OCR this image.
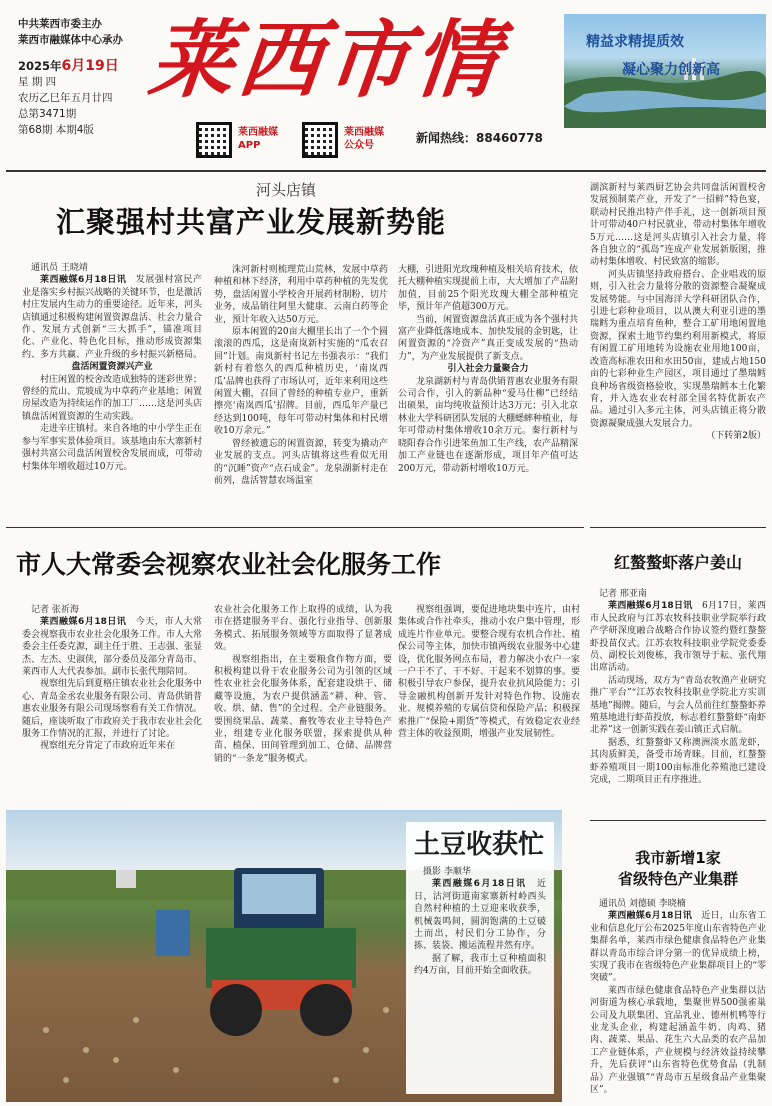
中共莱西市委主办
莱西市融媒体中心承办
2025年6月19日
星 期 四
农历乙巳年五月廿四
总第3471期
第68期 本期4版
莱西市情	精益求精提质效
凝心聚力创新高
莱西融媒
APP
莱西融媒
公众号
新闻热线：88460778
河头店镇
汇聚强村共富产业发展新势能

通讯员 王晓靖

莱西融媒6月18日讯　 发展强村富民产业是落实乡村振兴战略的关键环节，也是激活村庄发展内生动力的重要途径。近年来，河头店镇通过积极构建闲置资源盘活、社会力量合作、发展方式创新“三大抓手”，锚准项目化、产业化、特色化目标，推动形成资源集约、多方共赢、产业升级的乡村振兴新格局。

盘活闲置资源兴产业

村庄闲置的校舍改造成独特的迷彩世界；曾经的荒山、荒坡成为中草药产业基地；闲置房屋改造为持续运作的加工厂……这是河头店镇盘活闲置资源的生动实践。

走进辛庄镇村。来自各地的中小学生正在参与军事实景体验项目。该基地由东大寨新村强村共富公司盘活闲置校舍发展而成，可带动村集体年增收超过10万元。

洙河新村则梳理荒山荒林，发展中草药种植和林下经济，利用中草药种植的先发优势，盘活闲置小学校舍开展药材制粉、切片业务，成品销往阿里大健康、云南白药等企业，预计年收入达50万元。

原本闲置的20亩大棚里长出了一个个圆滚滚的西瓜，这是南岚新村实施的“瓜农召回”计划。南岚新村书记左书强表示：“我们新村有着悠久的西瓜种植历史，‘南岚西瓜’品牌也获得了市场认可，近年来利用这些闲置大棚，召回了曾经的种植专业户，重新擦亮‘南岚西瓜’招牌。目前，西瓜年产量已经达到100吨，每年可带动村集体和村民增收10万余元。”

曾经被遗忘的闲置资源，转变为撬动产业发展的支点。河头店镇将这些看似无用的“沉睡”资产“点石成金”。龙泉湖新村走在前列，盘活智慧农场温室

大棚，引进阳光玫瑰种植及相关培育技术，依托大棚种植实现提前上市，大大增加了产品附加值，目前25个阳光玫瑰大棚全部种植完毕，预计年产值超300万元。

当前，闲置资源盘活真正成为各个强村共富产业降低落地成本、加快发展的金钥匙，让闲置资源的“冷资产”真正变成发展的“热动力”，为产业发展提供了新支点。

引入社会力量聚合力

龙泉湖新村与青岛供销普惠农业服务有限公司合作，引入的新品种“爱马仕柳”已经结出硕果，亩均纯收益预计达3万元；引入北京林业大学科研团队发展的大棚蟋蟀种植业，每年可带动村集体增收10余万元。秦行新村与晓阳春合作引进笨鱼加工生产线，农产品精深加工产业链也在逐渐形成，项目年产值可达200万元，带动新村增收10万元。

湖滨新村与莱西厨艺协会共同盘活闲置校舍发展预制菜产业，开发了“一招鲜”特色宴，联动村民推出特产伴手礼，这一创新项目预计可带动40户村民就业，带动村集体年增收5万元……这是河头店镇引入社会力量，将各自独立的“孤岛”连成产业发展新版图，推动村集体增收、村民致富的缩影。

河头店镇坚持政府搭台、企业唱戏的原则，引入社会力量将分散的资源整合凝聚成发展势能。与中国海洋大学科研团队合作，引进七彩种业项目，以从澳大利亚引进的墨瑞鳕为重点培育鱼种，整合工矿用地闲置地资源，探索土地节约集约利用新模式，将原有闲置工矿用地转为设施农业用地100亩，改造高标准农田和水田50亩，建成占地150亩的七彩种业生产园区，项目通过了墨瑞鳕良种场省级资格验收，实现墨瑞鳕本土化繁育，并入选农业农村部全国名特优新农产品。通过引入多元主体，河头店镇正将分散资源凝聚成强大发展合力。

（下转第2版）

市人大常委会视察农业社会化服务工作

记者 张祈海

莱西融媒6月18日讯　 今天，市人大常委会视察我市农业社会化服务工作。市人大常委会主任委克源，副主任于胜、王志强、张显杰、左杰、史淑侠，部分委员及部分青岛市、莱西市人大代表参加。副市长张代翔陪同。

视察组先后到夏格庄镇农业社会化服务中心、青岛金丞农业服务有限公司、青岛供销普惠农业服务有限公司现场察看有关工作情况。随后，座谈听取了市政府关于我市农业社会化服务工作情况的汇报，并进行了讨论。

视察组充分肯定了市政府近年来在

农业社会化服务工作上取得的成绩，认为我市在搭建服务平台、强化行业指导、创新服务模式、拓展服务领域等方面取得了显著成效。

视察组指出，在主要粮食作物方面，要积极构建以骨干农业服务公司为引领的区域性农业社会化服务体系，配套建设烘干、储藏等设施，为农户提供涵盖“耕、种、管、收、烘、储、售”的全过程、全产业链服务。要围绕果品、蔬菜、畜牧等农业主导特色产业，组建专业化服务联盟，探索提供从种苗、植保、田间管理到加工、仓储、品牌营销的“一条龙”服务模式。

视察组强调，要促进地块集中连片，由村集体或合作社牵头，推动小农户集中管理，形成连片作业单元。要整合现有农机合作社、植保公司等主体，加快市镇两级农业服务中心建设，优化服务网点布局，着力解决小农户一家一户干不了、干不好、干起来不划算的事。要积极引导农户参保，提升农业抗风险能力；引导金融机构创新开发针对特色作物、设施农业、规模养殖的专属信贷和保险产品；积极探索推广“保险+期货”等模式，有效稳定农业经营主体的收益预期，增强产业发展韧性。

红螯螯虾落户姜山

记者 邢亚南

莱西融媒6月18日讯　 6月17日，莱西市人民政府与江苏农牧科技职业学院举行政产学研深度融合战略合作协议签约暨红螯螯虾投苗仪式。江苏农牧科技职业学院党委委员、副校长刘俊栋，我市领导于耘、张代翔出席活动。

活动现场，双方为“青岛农牧渔产业研究推广平台”“江苏农牧科技职业学院北方实训基地”揭牌。随后，与会人员前往红螯螯虾养殖基地进行虾苗投放，标志着红螯螯虾“南虾北养”这一创新实践在姜山镇正式启航。

据悉，红螯螯虾又称澳洲淡水蓝龙虾，其肉质鲜美，备受市场青睐。目前，红螯螯虾养殖项目一期100亩标准化养殖池已建设完成，二期项目正有序推进。

土豆收获忙

摄影 李顺华

莱西融媒6月18日讯　 近日，沽河街道南家寨新村岭西头自然村种植的土豆迎来收获季，机械轰鸣间，圆润饱满的土豆破土而出，村民们分工协作，分拣、装袋、搬运流程井然有序。

据了解，我市土豆种植面积约4万亩，目前开始全面收获。

我市新增1家
省级特色产业集群

通讯员 刘德硕 李晓楠

莱西融媒6月18日讯　 近日，山东省工业和信息化厅公布2025年度山东省特色产业集群名单，莱西市绿色健康食品特色产业集群以青岛市综合评分第一的优异成绩上榜，实现了我市在省级特色产业集群项目上的“零突破”。

莱西市绿色健康食品特色产业集群以沽河街道为核心承载地，集聚世界500强雀巢公司及九联集团、宜品乳业、德州机鸭等行业龙头企业，构建起涵盖牛奶、肉鸡、猪肉、蔬菜、果品、花生六大品类的农产品加工产业链体系，产业规模与经济效益持续攀升，先后获评“山东省特色优势食品（乳制品）产业强镇”“青岛市五星级食品产业集聚区”。
